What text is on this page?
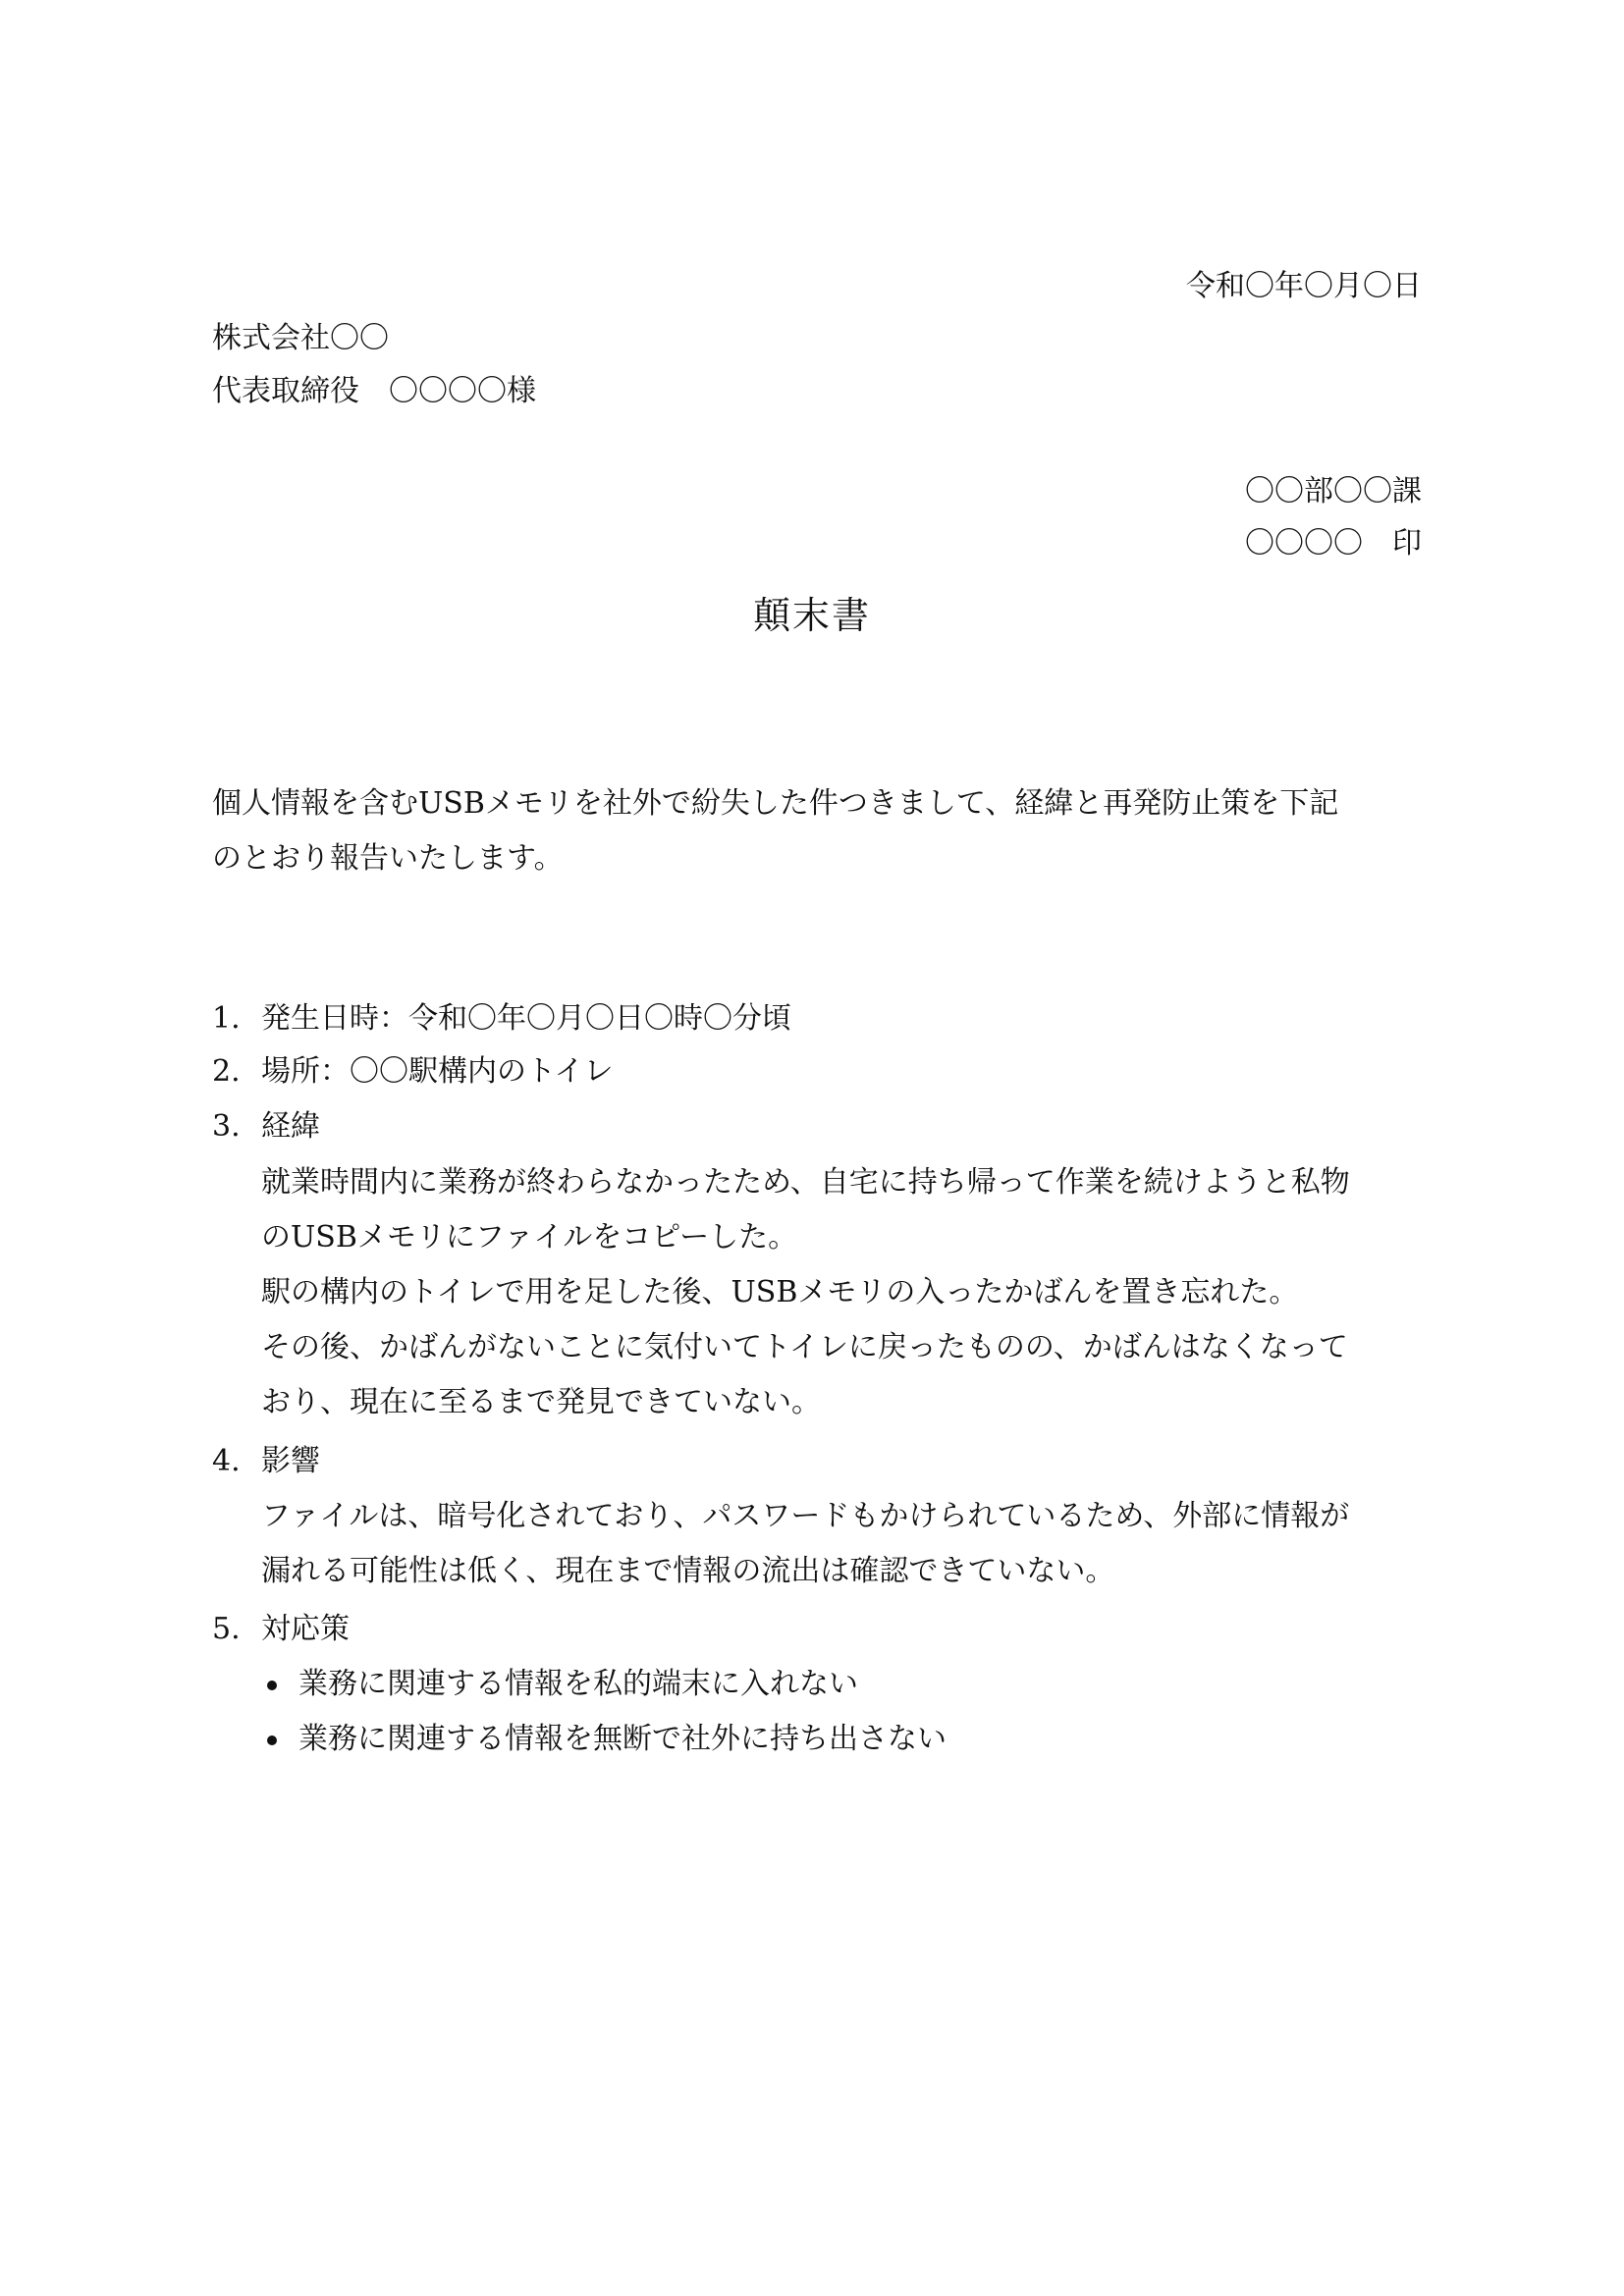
令和〇年〇月〇日
株式会社〇〇
代表取締役　〇〇〇〇様
〇〇部〇〇課
〇〇〇〇　印
顛末書
個人情報を含むUSBメモリを社外で紛失した件つきまして、経緯と再発防止策を下記
のとおり報告いたします。
1. 発生日時：令和〇年〇月〇日〇時〇分頃
2. 場所：〇〇駅構内のトイレ
3. 経緯
就業時間内に業務が終わらなかったため、自宅に持ち帰って作業を続けようと私物
のUSBメモリにファイルをコピーした。
駅の構内のトイレで用を足した後、USBメモリの入ったかばんを置き忘れた。
その後、かばんがないことに気付いてトイレに戻ったものの、かばんはなくなって
おり、現在に至るまで発見できていない。
4. 影響
ファイルは、暗号化されており、パスワードもかけられているため、外部に情報が
漏れる可能性は低く、現在まで情報の流出は確認できていない。
5. 対応策
業務に関連する情報を私的端末に入れない
業務に関連する情報を無断で社外に持ち出さない
